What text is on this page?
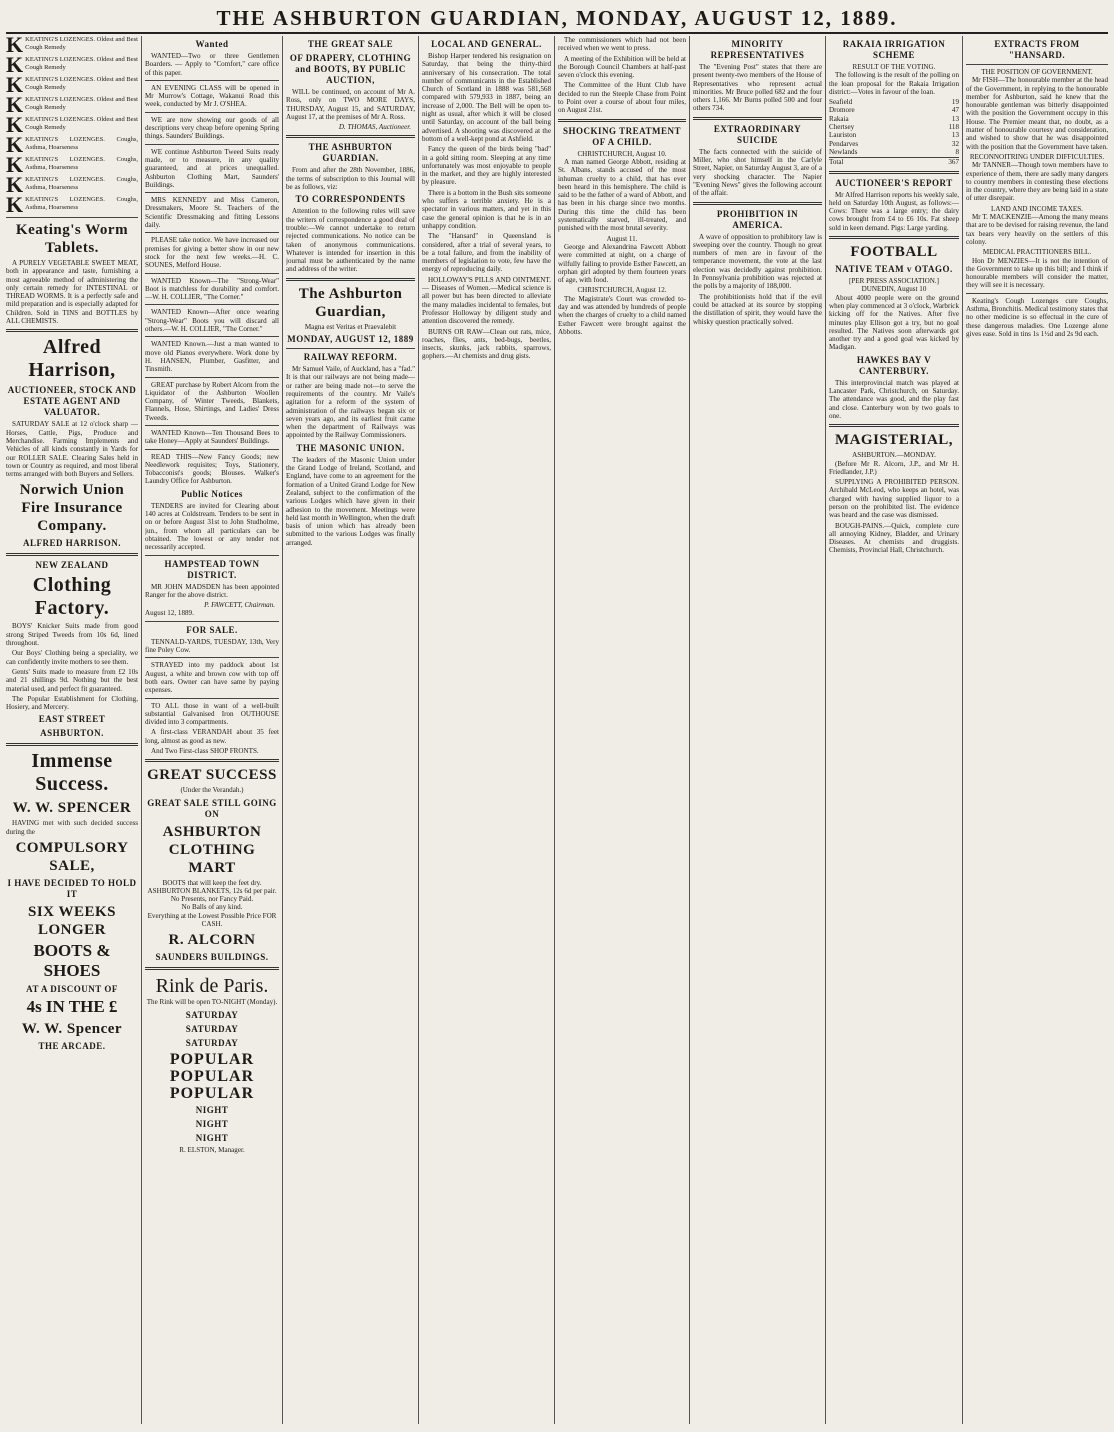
THE ASHBURTON GUARDIAN, MONDAY, AUGUST 12, 1889.
K KEATING'S LOZENGES. Oldest and Best Cough Remedy
K KEATING'S LOZENGES. Oldest and Best Cough Remedy
K KEATING'S LOZENGES. Oldest and Best Cough Remedy
K KEATING'S LOZENGES. Oldest and Best Cough Remedy
K KEATING'S LOZENGES. Oldest and Best Cough Remedy
K KEATING'S LOZENGES. Coughs, Asthma, Hoarseness
K KEATING'S LOZENGES. Coughs, Asthma, Hoarseness
K KEATING'S LOZENGES. Coughs, Asthma, Hoarseness
K KEATING'S LOZENGES. Coughs, Asthma, Hoarseness
Keating's Worm Tablets.

A PURELY VEGETABLE SWEET MEAT, both in appearance and taste, furnishing a most agreeable method of administering the only certain remedy for INTESTINAL or THREAD WORMS. It is a perfectly safe and mild preparation and is especially adapted for Children. Sold in TINS and BOTTLES by ALL CHEMISTS.

Alfred Harrison,
AUCTIONEER, STOCK AND ESTATE AGENT AND VALUATOR.

SATURDAY SALE at 12 o'clock sharp —Horses, Cattle, Pigs, Produce and Merchandise. Farming Implements and Vehicles of all kinds constantly in Yards for our ROLLER SALE. Clearing Sales held in town or Country as required, and most liberal terms arranged with both Buyers and Sellers.

Norwich Union Fire Insurance Company.
ALFRED HARRISON.
NEW ZEALAND
Clothing Factory.

BOYS' Knicker Suits made from good strong Striped Tweeds from 10s 6d, lined throughout.

Our Boys' Clothing being a speciality, we can confidently invite mothers to see them.

Gents' Suits made to measure from £2 10s and 21 shillings 9d. Nothing but the best material used, and perfect fit guaranteed.

The Popular Establishment for Clothing, Hosiery, and Mercery.

EAST STREET
ASHBURTON.
Immense Success.
W. W. SPENCER

HAVING met with such decided success during the

COMPULSORY SALE,
I HAVE DECIDED TO HOLD IT
SIX WEEKS LONGER
BOOTS & SHOES
AT A DISCOUNT OF
4s IN THE £
W. W. Spencer
THE ARCADE.
Wanted

WANTED—Two or three Gentlemen Boarders. — Apply to "Comfort," care office of this paper.

AN EVENING CLASS will be opened in Mr Murrow's Cottage, Wakanui Road this week, conducted by Mr J. O'SHEA.

WE are now showing our goods of all descriptions very cheap before opening Spring things. Saunders' Buildings.

WE continue Ashburton Tweed Suits ready made, or to measure, in any quality guaranteed, and at prices unequalled. Ashburton Clothing Mart, Saunders' Buildings.

MRS KENNEDY and Miss Cameron, Dressmakers, Moore St. Teachers of the Scientific Dressmaking and fitting Lessons daily.

PLEASE take notice. We have increased our premises for giving a better show in our new stock for the next few weeks.—H. C. SOUNES, Melford House.

WANTED Known—The "Strong-Wear" Boot is matchless for durability and comfort.—W. H. COLLIER, "The Corner."

WANTED Known—After once wearing "Strong-Wear" Boots you will discard all others.—W. H. COLLIER, "The Corner."

WANTED Known.—Just a man wanted to move old Pianos everywhere. Work done by H. HANSEN, Plumber, Gasfitter, and Tinsmith.

GREAT purchase by Robert Alcorn from the Liquidator of the Ashburton Woollen Company, of Winter Tweeds, Blankets, Flannels, Hose, Shirtings, and Ladies' Dress Tweeds.

WANTED Known—Ten Thousand Bees to take Honey—Apply at Saunders' Buildings.

READ THIS—New Fancy Goods; new Needlework requisites; Toys, Stationery, Tobacconist's goods; Blouses. Walker's Laundry Office for Ashburton.

Public Notices

TENDERS are invited for Clearing about 140 acres at Coldstream. Tenders to be sent in on or before August 31st to John Studholme, jun., from whom all particulars can be obtained. The lowest or any tender not necessarily accepted.

HAMPSTEAD TOWN DISTRICT.

MR JOHN MADSDEN has been appointed Ranger for the above district.

P. FAWCETT, Chairman.
August 12, 1889.
FOR SALE.

TENNALD-YARDS, TUESDAY, 13th, Very fine Poley Cow.

STRAYED into my paddock about 1st August, a white and brown cow with top off both ears. Owner can have same by paying expenses.

TO ALL those in want of a well-built substantial Galvanised Iron OUTHOUSE divided into 3 compartments.

A first-class VERANDAH about 35 feet long, almost as good as new.

And Two First-class SHOP FRONTS.

GREAT SUCCESS
(Under the Verandah.)
GREAT SALE STILL GOING ON
ASHBURTON CLOTHING MART
BOOTS that will keep the feet dry.
ASHBURTON BLANKETS, 12s 6d per pair.
No Presents, nor Fancy Paid.
No Balls of any kind.
Everything at the Lowest Possible Price FOR CASH.
R. ALCORN
SAUNDERS BUILDINGS.
Rink de Paris.
The Rink will be open TO-NIGHT (Monday).
SATURDAY
SATURDAY
SATURDAY
POPULAR
POPULAR
POPULAR
NIGHT
NIGHT
NIGHT
R. ELSTON, Manager.
THE GREAT SALE
OF DRAPERY, CLOTHING and BOOTS, BY PUBLIC AUCTION,

WILL be continued, on account of Mr A. Ross, only on TWO MORE DAYS, THURSDAY, August 15, and SATURDAY, August 17, at the premises of Mr A. Ross.

D. THOMAS, Auctioneer.
THE ASHBURTON GUARDIAN.

From and after the 28th November, 1886, the terms of subscription to this Journal will be as follows, viz:

TO CORRESPONDENTS

Attention to the following rules will save the writers of correspondence a good deal of trouble:—We cannot undertake to return rejected communications. No notice can be taken of anonymous communications. Whatever is intended for insertion in this journal must be authenticated by the name and address of the writer.

The Ashburton Guardian,
Magna est Veritas et Praevalebit
MONDAY, AUGUST 12, 1889
RAILWAY REFORM.

Mr Samuel Vaile, of Auckland, has a "fad." It is that our railways are not being made—or rather are being made not—to serve the requirements of the country. Mr Vaile's agitation for a reform of the system of administration of the railways began six or seven years ago, and its earliest fruit came when the department of Railways was appointed by the Railway Commissioners.

THE MASONIC UNION.

The leaders of the Masonic Union under the Grand Lodge of Ireland, Scotland, and England, have come to an agreement for the formation of a United Grand Lodge for New Zealand, subject to the confirmation of the various Lodges which have given in their adhesion to the movement. Meetings were held last month in Wellington, when the draft basis of union which has already been submitted to the various Lodges was finally arranged.

LOCAL AND GENERAL.

Bishop Harper tendered his resignation on Saturday, that being the thirty-third anniversary of his consecration. The total number of communicants in the Established Church of Scotland in 1888 was 581,568 compared with 579,933 in 1887, being an increase of 2,000. The Bell will be open to-night as usual, after which it will be closed until Saturday, on account of the ball being advertised. A shooting was discovered at the bottom of a well-kept pond at Ashfield.

Fancy the queen of the birds being "bad" in a gold sitting room. Sleeping at any time unfortunately was most enjoyable to people in the market, and they are highly interested by pleasure.

There is a bottom in the Bush sits someone who suffers a terrible anxiety. He is a spectator in various matters, and yet in this case the general opinion is that he is in an unhappy condition.

The "Hansard" in Queensland is considered, after a trial of several years, to be a total failure, and from the inability of members of legislation to vote, few have the energy of reproducing daily.

HOLLOWAY'S PILLS AND OINTMENT.— Diseases of Women.—Medical science is all power but has been directed to alleviate the many maladies incidental to females, but Professor Holloway by diligent study and attention discovered the remedy.

BURNS OR RAW—Clean out rats, mice, roaches, flies, ants, bed-bugs, beetles, insects, skunks, jack rabbits, sparrows, gophers.—At chemists and drug gists.

The commissioners which had not been received when we went to press.

A meeting of the Exhibition will be held at the Borough Council Chambers at half-past seven o'clock this evening.

The Committee of the Hunt Club have decided to run the Steeple Chase from Point to Point over a course of about four miles, on August 21st.

SHOCKING TREATMENT OF A CHILD.
CHRISTCHURCH, August 10.

A man named George Abbott, residing at St. Albans, stands accused of the most inhuman cruelty to a child, that has ever been heard in this hemisphere. The child is said to be the father of a ward of Abbott, and has been in his charge since two months. During this time the child has been systematically starved, ill-treated, and punished with the most brutal severity.

August 11.

George and Alexandrina Fawcett Abbott were committed at night, on a charge of wilfully failing to provide Esther Fawcett, an orphan girl adopted by them fourteen years of age, with food.

CHRISTCHURCH, August 12.

The Magistrate's Court was crowded to-day and was attended by hundreds of people when the charges of cruelty to a child named Esther Fawcett were brought against the Abbotts.

MINORITY REPRESENTATIVES

The "Evening Post" states that there are present twenty-two members of the House of Representatives who represent actual minorities. Mr Bruce polled 682 and the four others 1,166. Mr Burns polled 500 and four others 734.

EXTRAORDINARY SUICIDE

The facts connected with the suicide of Miller, who shot himself in the Carlyle Street, Napier, on Saturday August 3, are of a very shocking character. The Napier "Evening News" gives the following account of the affair.

PROHIBITION IN AMERICA.

A wave of opposition to prohibitory law is sweeping over the country. Though no great numbers of men are in favour of the temperance movement, the vote at the last election was decidedly against prohibition. In Pennsylvania prohibition was rejected at the polls by a majority of 188,000.

The prohibitionists hold that if the evil could be attacked at its source by stopping the distillation of spirit, they would have the whisky question practically solved.

RAKAIA IRRIGATION SCHEME
RESULT OF THE VOTING.

The following is the result of the polling on the loan proposal for the Rakaia Irrigation district:—Votes in favour of the loan.

Seafield	19
Dromore	47
Rakaia	13
Chertsey	118
Lauriston	13
Pendarves	32
Newlands	8
Total	367
AUCTIONEER'S REPORT

Mr Alfred Harrison reports his weekly sale, held on Saturday 10th August, as follows:—Cows: There was a large entry; the dairy cows brought from £4 to £6 10s. Fat sheep sold in keen demand. Pigs: Large yarding.

FOOTBALL
NATIVE TEAM v OTAGO.
[PER PRESS ASSOCIATION.]
DUNEDIN, August 10

About 4000 people were on the ground when play commenced at 3 o'clock, Warbrick kicking off for the Natives. After five minutes play Ellison got a try, but no goal resulted. The Natives soon afterwards got another try and a good goal was kicked by Madigan.

HAWKES BAY V CANTERBURY.

This interprovincial match was played at Lancaster Park, Christchurch, on Saturday. The attendance was good, and the play fast and close. Canterbury won by two goals to one.

MAGISTERIAL,
ASHBURTON.—MONDAY.

(Before Mr R. Alcorn, J.P., and Mr H. Friedlander, J.P.)

SUPPLYING A PROHIBITED PERSON. Archibald McLeod, who keeps an hotel, was charged with having supplied liquor to a person on the prohibited list. The evidence was heard and the case was dismissed.

BOUGH-PAINS.—Quick, complete cure all annoying Kidney, Bladder, and Urinary Diseases. At chemists and druggists. Chemists, Provincial Hall, Christchurch.

EXTRACTS FROM "HANSARD.
THE POSITION OF GOVERNMENT.

Mr FISH—The honourable member at the head of the Government, in replying to the honourable member for Ashburton, said he knew that the honourable gentleman was bitterly disappointed with the position the Government occupy in this House. The Premier meant that, no doubt, as a matter of honourable courtesy and consideration, and wished to show that he was disappointed with the position that the Government have taken.

RECONNOITRING UNDER DIFFICULTIES.

Mr TANNER—Though town members have to experience of them, there are sadly many dangers to country members in contesting these elections in the country, where they are being laid in a state of utter disrepair.

LAND AND INCOME TAXES.

Mr T. MACKENZIE—Among the many means that are to be devised for raising revenue, the land tax bears very heavily on the settlers of this colony.

MEDICAL PRACTITIONERS BILL.

Hon Dr MENZIES—It is not the intention of the Government to take up this bill; and I think if honourable members will consider the matter, they will see it is necessary.

Keating's Cough Lozenges cure Coughs, Asthma, Bronchitis. Medical testimony states that no other medicine is so effectual in the cure of these dangerous maladies. One Lozenge alone gives ease. Sold in tins 1s 1½d and 2s 9d each.
